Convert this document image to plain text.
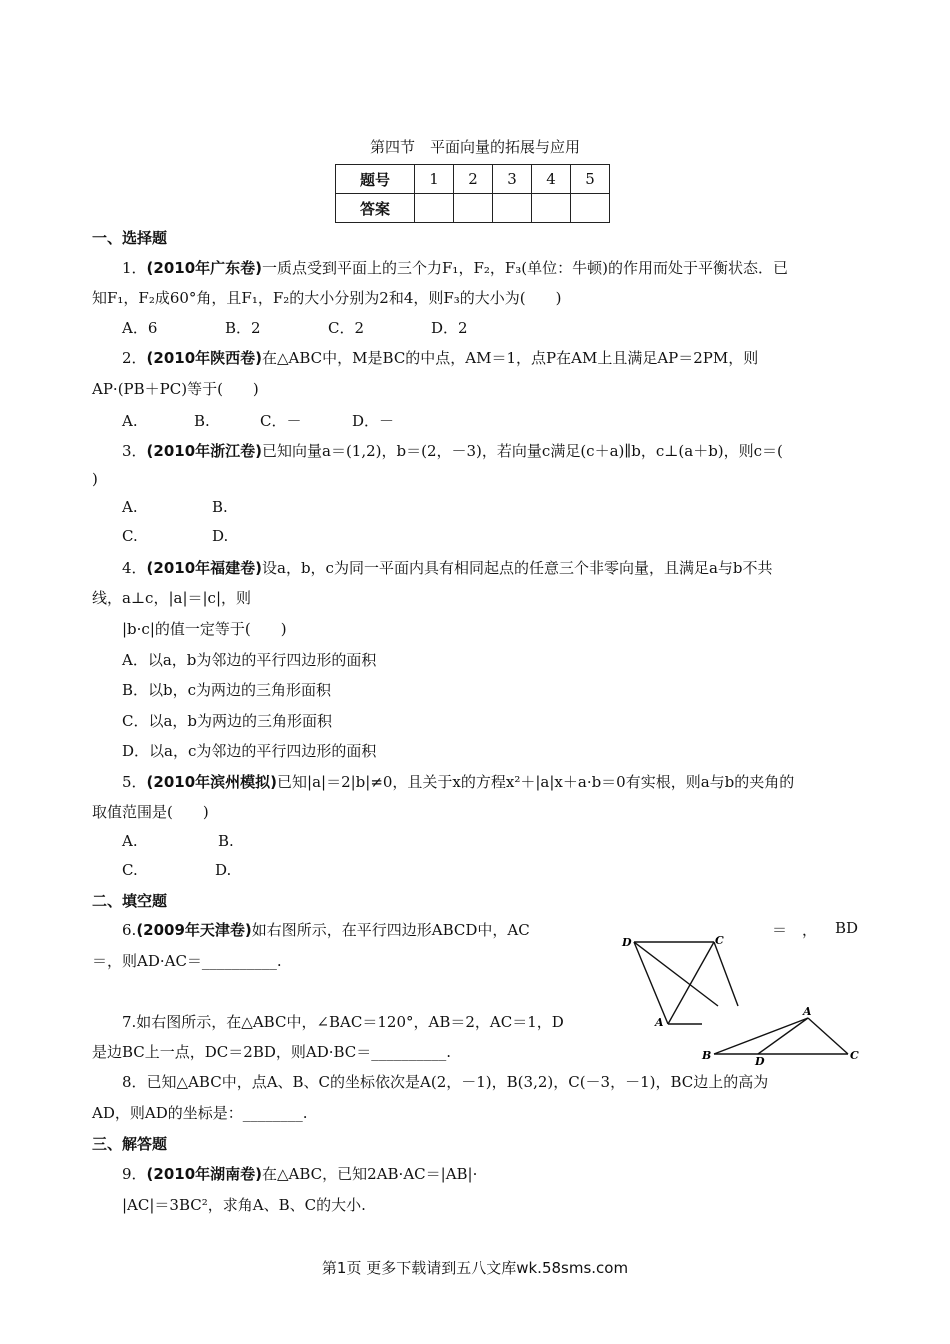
第四节　平面向量的拓展与应用
题号	1	2	3	4	5
答案					
一、选择题
1．(2010年广东卷)一质点受到平面上的三个力F₁，F₂，F₃(单位：牛顿)的作用而处于平衡状态．已
知F₁，F₂成60°角，且F₁，F₂的大小分别为2和4，则F₃的大小为(　　)
A．6	B．2	C．2	D．2
2．(2010年陕西卷)在△ABC中，M是BC的中点，AM＝1，点P在AM上且满足AP＝2PM，则
AP·(PB＋PC)等于(　　)
A.	B.	C．－	D．－
3．(2010年浙江卷)已知向量a＝(1,2)，b＝(2，－3)，若向量c满足(c＋a)∥b，c⊥(a＋b)，则c＝(
)
A.	B.
C.	D.
4．(2010年福建卷)设a，b，c为同一平面内具有相同起点的任意三个非零向量，且满足a与b不共
线，a⊥c，|a|＝|c|，则
|b·c|的值一定等于(　　)
A．以a，b为邻边的平行四边形的面积
B．以b，c为两边的三角形面积
C．以a，b为两边的三角形面积
D．以a，c为邻边的平行四边形的面积
5．(2010年滨州模拟)已知|a|＝2|b|≠0，且关于x的方程x²＋|a|x＋a·b＝0有实根，则a与b的夹角的
取值范围是(　　)
A.	B.
C.	D.
二、填空题
6.(2009年天津卷)如右图所示，在平行四边形ABCD中，AC	＝　， BD
＝，则AD·AC＝__________.
D	C
A
7.如右图所示，在△ABC中，∠BAC＝120°，AB＝2，AC＝1，D
是边BC上一点，DC＝2BD，则AD·BC＝__________.
A
B	D	C
8．已知△ABC中，点A、B、C的坐标依次是A(2，－1)，B(3,2)，C(－3，－1)，BC边上的高为
AD，则AD的坐标是：________.
三、解答题
9．(2010年湖南卷)在△ABC，已知2AB·AC＝|AB|·
|AC|＝3BC²，求角A、B、C的大小.
第1页 更多下载请到五八文库wk.58sms.com
